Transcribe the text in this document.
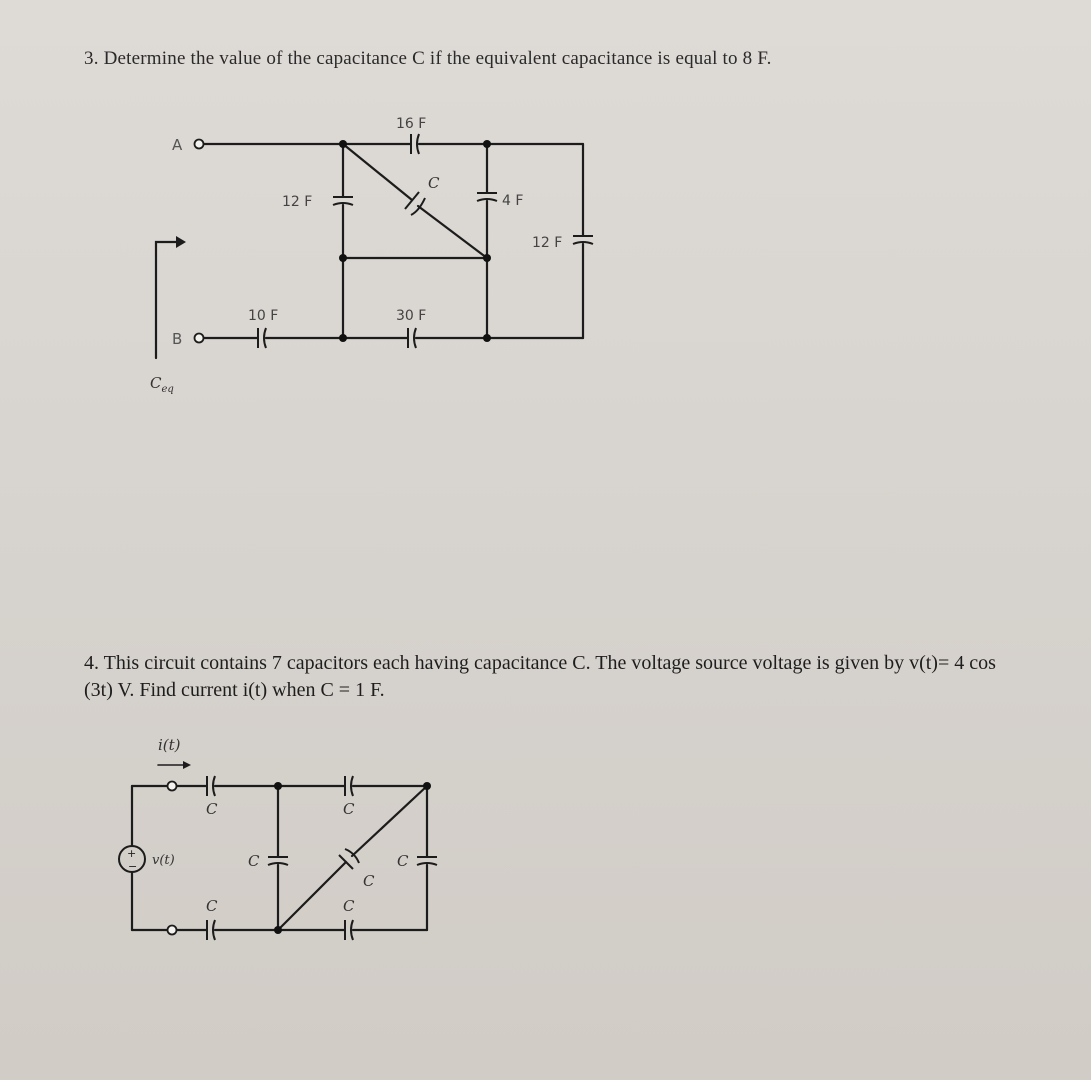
3. Determine the value of the capacitance C if the equivalent capacitance is equal to 8 F.
A
16 F
12 F
C
4 F
12 F
B
10 F	30 F
$C_{eq}$
4. This circuit contains 7 capacitors each having capacitance C. The voltage source voltage is given by v(t)= 4 cos (3t) V. Find current i(t) when C = 1 F.
i(t)
+
− v(t)
C	C
C
C
C
C	C
